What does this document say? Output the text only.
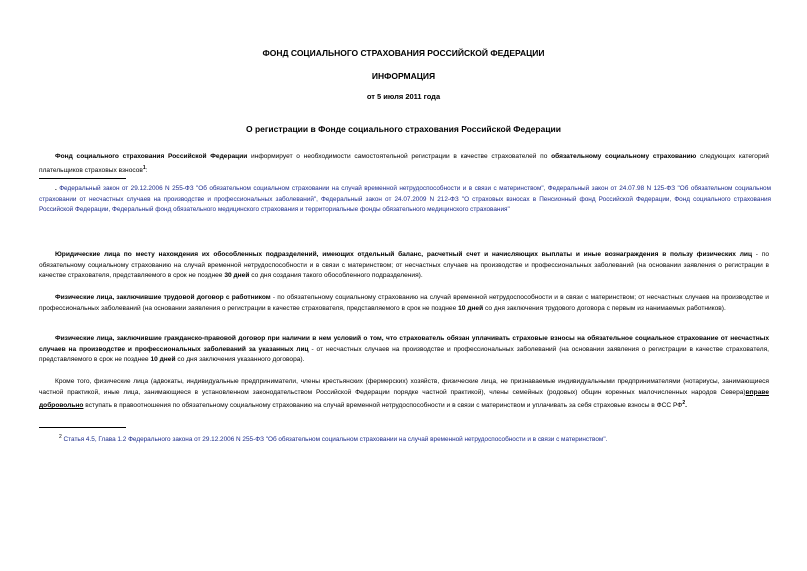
ФОНД СОЦИАЛЬНОГО СТРАХОВАНИЯ РОССИЙСКОЙ ФЕДЕРАЦИИ
ИНФОРМАЦИЯ
от 5 июля 2011 года
О регистрации в Фонде социального страхования Российской Федерации

Фонд социального страхования Российской Федерации информирует о необходимости самостоятельной регистрации в качестве страхователей по обязательному социальному страхованию следующих категорий плательщиков страховых взносов$^1$:

. Федеральный закон от 29.12.2006 N 255-ФЗ "Об обязательном социальном страховании на случай временной нетрудоспособности и в связи с материнством", Федеральный закон от 24.07.98 N 125-ФЗ "Об обязательном социальном страховании от несчастных случаев на производстве и профессиональных заболеваний", Федеральный закон от 24.07.2009 N 212-ФЗ "О страховых взносах в Пенсионный фонд Российской Федерации, Фонд социального страхования Российской Федерации, Федеральный фонд обязательного медицинского страхования и территориальные фонды обязательного медицинского страхования"

Юридические лица по месту нахождения их обособленных подразделений, имеющих отдельный баланс, расчетный счет и начисляющих выплаты и иные вознаграждения в пользу физических лиц - по обязательному социальному страхованию на случай временной нетрудоспособности и в связи с материнством; от несчастных случаев на производстве и профессиональных заболеваний (на основании заявления о регистрации в качестве страхователя, представляемого в срок не позднее 30 дней со дня создания такого обособленного подразделения).

Физические лица, заключившие трудовой договор с работником - по обязательному социальному страхованию на случай временной нетрудоспособности и в связи с материнством; от несчастных случаев на производстве и профессиональных заболеваний (на основании заявления о регистрации в качестве страхователя, представляемого в срок не позднее 10 дней со дня заключения трудового договора с первым из нанимаемых работников).

Физические лица, заключившие гражданско-правовой договор при наличии в нем условий о том, что страхователь обязан уплачивать страховые взносы на обязательное социальное страхование от несчастных случаев на производстве и профессиональных заболеваний за указанных лиц - от несчастных случаев на производстве и профессиональных заболеваний (на основании заявления о регистрации в качестве страхователя, представляемого в срок не позднее 10 дней со дня заключения указанного договора).

Кроме того, физические лица (адвокаты, индивидуальные предприниматели, члены крестьянских (фермерских) хозяйств, физические лица, не признаваемые индивидуальными предпринимателями (нотариусы, занимающиеся частной практикой, иные лица, занимающиеся в установленном законодательством Российской Федерации порядке частной практикой), члены семейных (родовых) общин коренных малочисленных народов Севера)вправе добровольно вступать в правоотношения по обязательному социальному страхованию на случай временной нетрудоспособности и в связи с материнством и уплачивать за себя страховые взносы в ФСС $РФ^2$.

$^2$ Статья 4.5, Глава 1.2 Федерального закона от 29.12.2006 N 255-ФЗ "Об обязательном социальном страховании на случай временной нетрудоспособности и в связи с материнством".
